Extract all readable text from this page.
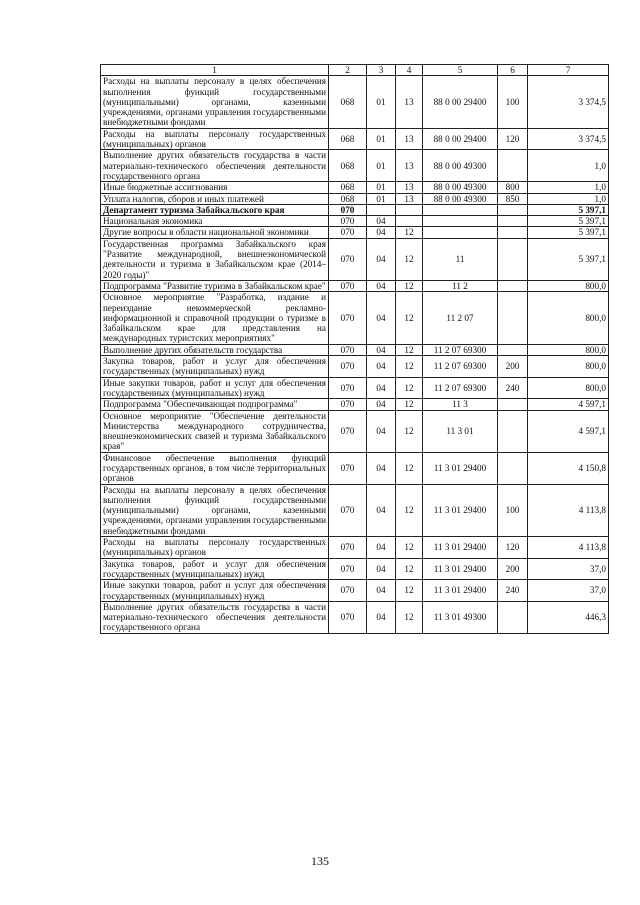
1	2	3	4	5	6	7
Расходы на выплаты персоналу в целях обеспечения выполнения функций государственными (муниципальными) органами, казенными учреждениями, органами управления государственными внебюджетными фондами	068	01	13	88 0 00 29400	100	3 374,5
Расходы на выплаты персоналу государственных (муниципальных) органов	068	01	13	88 0 00 29400	120	3 374,5
Выполнение других обязательств государства в части материально-технического обеспечения деятельности государственного органа	068	01	13	88 0 00 49300		1,0
Иные бюджетные ассигнования	068	01	13	88 0 00 49300	800	1,0
Уплата налогов, сборов и иных платежей	068	01	13	88 0 00 49300	850	1,0
Департамент туризма Забайкальского края	070					5 397,1
Национальная экономика	070	04				5 397,1
Другие вопросы в области национальной экономики	070	04	12			5 397,1
Государственная программа Забайкальского края "Развитие международной, внешнеэкономической деятельности и туризма в Забайкальском крае (2014–2020 годы)"	070	04	12	11		5 397,1
Подпрограмма "Развитие туризма в Забайкальском крае"	070	04	12	11 2		800,0
Основное мероприятие "Разработка, издание и переиздание некоммерческой рекламно-информационной и справочной продукции о туризме в Забайкальском крае для представления на международных туристских мероприятиях"	070	04	12	11 2 07		800,0
Выполнение других обязательств государства	070	04	12	11 2 07 69300		800,0
Закупка товаров, работ и услуг для обеспечения государственных (муниципальных) нужд	070	04	12	11 2 07 69300	200	800,0
Иные закупки товаров, работ и услуг для обеспечения государственных (муниципальных) нужд	070	04	12	11 2 07 69300	240	800,0
Подпрограмма "Обеспечивающая подпрограмма"	070	04	12	11 3		4 597,1
Основное мероприятие "Обеспечение деятельности Министерства международного сотрудничества, внешнеэкономических связей и туризма Забайкальского края"	070	04	12	11 3 01		4 597,1
Финансовое обеспечение выполнения функций государственных органов, в том числе территориальных органов	070	04	12	11 3 01 29400		4 150,8
Расходы на выплаты персоналу в целях обеспечения выполнения функций государственными (муниципальными) органами, казенными учреждениями, органами управления государственными внебюджетными фондами	070	04	12	11 3 01 29400	100	4 113,8
Расходы на выплаты персоналу государственных (муниципальных) органов	070	04	12	11 3 01 29400	120	4 113,8
Закупка товаров, работ и услуг для обеспечения государственных (муниципальных) нужд	070	04	12	11 3 01 29400	200	37,0
Иные закупки товаров, работ и услуг для обеспечения государственных (муниципальных) нужд	070	04	12	11 3 01 29400	240	37,0
Выполнение других обязательств государства в части материально-технического обеспечения деятельности государственного органа	070	04	12	11 3 01 49300		446,3
135
